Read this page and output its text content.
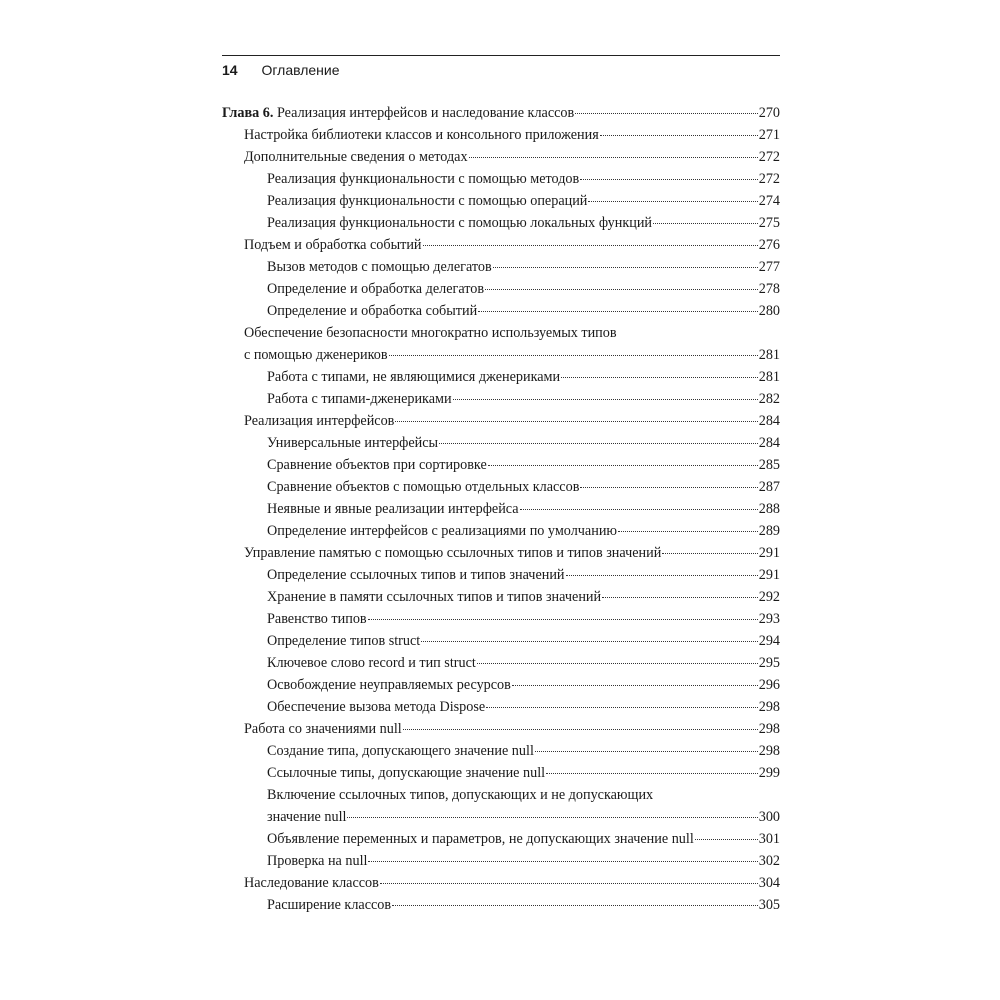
14 Оглавление
Глава 6.
Реализация интерфейсов и наследование классов	270
Настройка библиотеки классов и консольного приложения	271
Дополнительные сведения о методах	272
Реализация функциональности с помощью методов	272
Реализация функциональности с помощью операций	274
Реализация функциональности с помощью локальных функций	275
Подъем и обработка событий	276
Вызов методов с помощью делегатов	277
Определение и обработка делегатов	278
Определение и обработка событий	280
Обеспечение безопасности многократно используемых типов
с помощью дженериков	281
Работа с типами, не являющимися дженериками	281
Работа с типами-дженериками	282
Реализация интерфейсов	284
Универсальные интерфейсы	284
Сравнение объектов при сортировке	285
Сравнение объектов с помощью отдельных классов	287
Неявные и явные реализации интерфейса	288
Определение интерфейсов с реализациями по умолчанию	289
Управление памятью с помощью ссылочных типов и типов значений	291
Определение ссылочных типов и типов значений	291
Хранение в памяти ссылочных типов и типов значений	292
Равенство типов	293
Определение типов struct	294
Ключевое слово record и тип struct	295
Освобождение неуправляемых ресурсов	296
Обеспечение вызова метода Dispose	298
Работа со значениями null	298
Создание типа, допускающего значение null	298
Ссылочные типы, допускающие значение null	299
Включение ссылочных типов, допускающих и не допускающих
значение null	300
Объявление переменных и параметров, не допускающих значение null	301
Проверка на null	302
Наследование классов	304
Расширение классов	305
